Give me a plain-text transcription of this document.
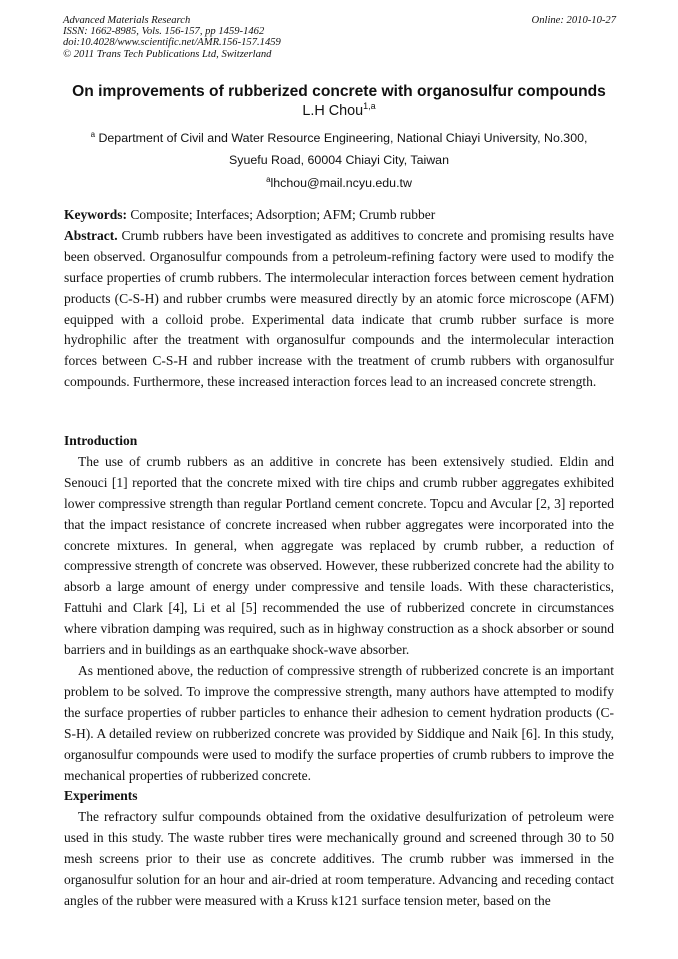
Advanced Materials Research
ISSN: 1662-8985, Vols. 156-157, pp 1459-1462
doi:10.4028/www.scientific.net/AMR.156-157.1459
© 2011 Trans Tech Publications Ltd, Switzerland
Online: 2010-10-27
On improvements of rubberized concrete with organosulfur compounds
L.H Chou$^{1,a}$
$^a$ Department of Civil and Water Resource Engineering, National Chiayi University, No.300,
Syuefu Road, 60004 Chiayi City, Taiwan
$^a$lhchou@mail.ncyu.edu.tw

Keywords: Composite; Interfaces; Adsorption; AFM; Crumb rubber

Abstract. Crumb rubbers have been investigated as additives to concrete and promising results have been observed. Organosulfur compounds from a petroleum-refining factory were used to modify the surface properties of crumb rubbers. The intermolecular interaction forces between cement hydration products (C-S-H) and rubber crumbs were measured directly by an atomic force microscope (AFM) equipped with a colloid probe. Experimental data indicate that crumb rubber surface is more hydrophilic after the treatment with organosulfur compounds and the intermolecular interaction forces between C-S-H and rubber increase with the treatment of crumb rubbers with organosulfur compounds. Furthermore, these increased interaction forces lead to an increased concrete strength.

Introduction

The use of crumb rubbers as an additive in concrete has been extensively studied. Eldin and Senouci [1] reported that the concrete mixed with tire chips and crumb rubber aggregates exhibited lower compressive strength than regular Portland cement concrete. Topcu and Avcular [2, 3] reported that the impact resistance of concrete increased when rubber aggregates were incorporated into the concrete mixtures. In general, when aggregate was replaced by crumb rubber, a reduction of compressive strength of concrete was observed. However, these rubberized concrete had the ability to absorb a large amount of energy under compressive and tensile loads. With these characteristics, Fattuhi and Clark [4], Li et al [5] recommended the use of rubberized concrete in circumstances where vibration damping was required, such as in highway construction as a shock absorber or sound barriers and in buildings as an earthquake shock-wave absorber.

As mentioned above, the reduction of compressive strength of rubberized concrete is an important problem to be solved. To improve the compressive strength, many authors have attempted to modify the surface properties of rubber particles to enhance their adhesion to cement hydration products (C-S-H). A detailed review on rubberized concrete was provided by Siddique and Naik [6]. In this study, organosulfur compounds were used to modify the surface properties of crumb rubbers to improve the mechanical properties of rubberized concrete.

Experiments

The refractory sulfur compounds obtained from the oxidative desulfurization of petroleum were used in this study. The waste rubber tires were mechanically ground and screened through 30 to 50 mesh screens prior to their use as concrete additives. The crumb rubber was immersed in the organosulfur solution for an hour and air-dried at room temperature. Advancing and receding contact angles of the rubber were measured with a Kruss k121 surface tension meter, based on the
